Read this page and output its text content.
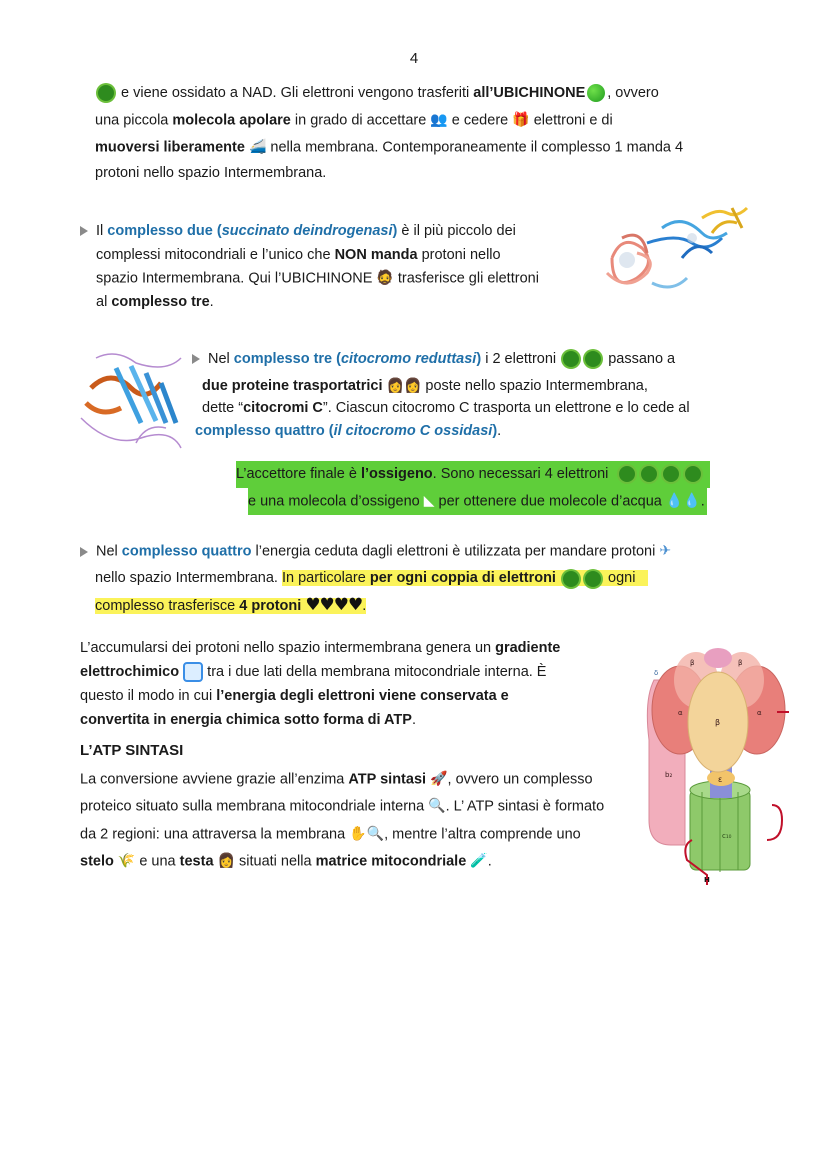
4
e viene ossidato a NAD. Gli elettroni vengono trasferiti all’UBICHINONE , ovvero
una piccola molecola apolare in grado di accettare 👥 e cedere 🎁 elettroni e di
muoversi liberamente 🚄 nella membrana. Contemporaneamente il complesso 1 manda 4
protoni nello spazio Intermembrana.
Il complesso due (succinato deindrogenasi) è il più piccolo dei
complessi mitocondriali e l’unico che NON manda protoni nello
spazio Intermembrana. Qui l’UBICHINONE 🧔 trasferisce gli elettroni
al complesso tre.
Nel complesso tre (citocromo reduttasi) i 2 elettroni	passano a
due proteine trasportatrici 👩👩 poste nello spazio Intermembrana,
dette “citocromi C”. Ciascun citocromo C trasporta un elettrone e lo cede al
complesso quattro (il citocromo C ossidasi).
L’accettore finale è l’ossigeno. Sono necessari 4 elettroni   e una molecola d’ossigeno ◣ per ottenere due molecole d’acqua 💧💧.
Nel complesso quattro l’energia ceduta dagli elettroni è utilizzata per mandare protoni ✈
nello spazio Intermembrana. In particolare per ogni coppia di elettroni	ogni
complesso trasferisce 4 protoni ♥♥♥♥.
L’accumularsi dei protoni nello spazio intermembrana genera un gradiente
elettrochimico  tra i due lati della membrana mitocondriale interna. È
questo il modo in cui l’energia degli elettroni viene conservata e
convertita in energia chimica sotto forma di ATP.
L’ATP SINTASI
La conversione avviene grazie all’enzima ATP sintasi 🚀, ovvero un complesso
proteico situato sulla membrana mitocondriale interna 🔍. L’ ATP sintasi è formato
da 2 regioni: una attraversa la membrana ✋🔍, mentre l’altra comprende uno
stelo 🌾 e una testa 👩 situati nella matrice mitocondriale 🧪.
α	α
β
β	β
δ
b₂	ε
c₁₀
H
